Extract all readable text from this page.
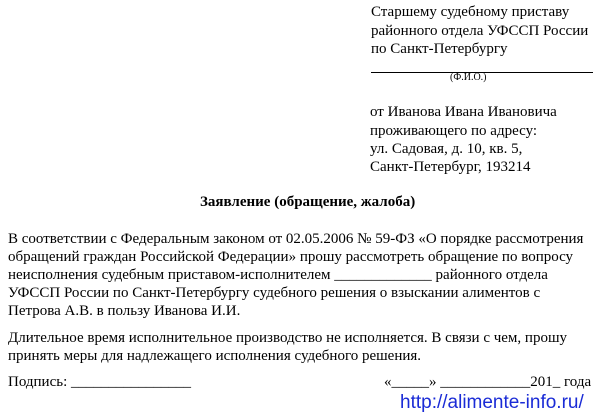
Старшему судебному приставу
районного отдела УФССП России
по Санкт-Петербургу
(Ф.И.О.)
от Иванова Ивана Ивановича
проживающего по адресу:
ул. Садовая, д. 10, кв. 5,
Санкт-Петербург, 193214
Заявление (обращение, жалоба)
В соответствии с Федеральным законом от 02.05.2006 № 59-ФЗ «О порядке рассмотрения
обращений граждан Российской Федерации» прошу рассмотреть обращение по вопросу
неисполнения судебным приставом-исполнителем _____________ районного отдела
УФССП России по Санкт-Петербургу судебного решения о взыскании алиментов с
Петрова А.В. в пользу Иванова И.И.
Длительное время исполнительное производство не исполняется. В связи с чем, прошу
принять меры для надлежащего исполнения судебного решения.
Подпись: ________________	«_____» ____________201_ года
http://alimente-info.ru/
